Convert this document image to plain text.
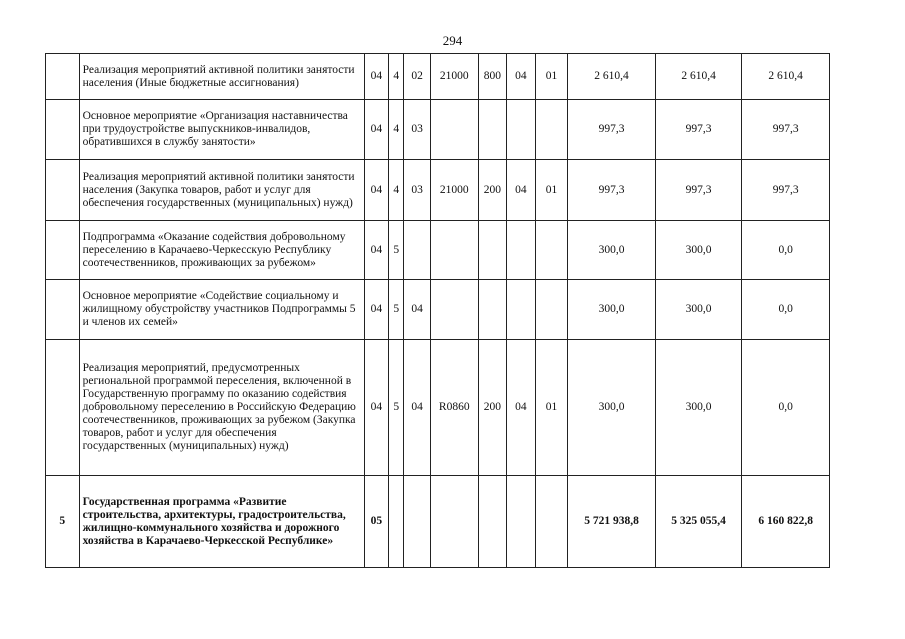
294
	Реализация мероприятий активной политики занятости населения (Иные бюджетные ассигнования)	04	4	02	21000	800	04	01	2 610,4	2 610,4	2 610,4
	Основное мероприятие «Организация наставничества при трудоустройстве выпускников-инвалидов, обратившихся в службу занятости»	04	4	03					997,3	997,3	997,3
	Реализация мероприятий активной политики занятости населения (Закупка товаров, работ и услуг для обеспечения государственных (муниципальных) нужд)	04	4	03	21000	200	04	01	997,3	997,3	997,3
	Подпрограмма «Оказание содействия добровольному переселению в Карачаево-Черкесскую Республику соотечественников, проживающих за рубежом»	04	5						300,0	300,0	0,0
	Основное мероприятие «Содействие социальному и жилищному обустройству участников Подпрограммы 5 и членов их семей»	04	5	04					300,0	300,0	0,0
	Реализация мероприятий, предусмотренных региональной программой переселения, включенной в Государственную программу по оказанию содействия добровольному переселению в Российскую Федерацию соотечественников, проживающих за рубежом (Закупка товаров, работ и услуг для обеспечения государственных (муниципальных) нужд)	04	5	04	R0860	200	04	01	300,0	300,0	0,0
5	Государственная программа «Развитие строительства, архитектуры, градостроительства, жилищно-коммунального хозяйства и дорожного хозяйства в Карачаево-Черкесской Республике»	05							5 721 938,8	5 325 055,4	6 160 822,8
